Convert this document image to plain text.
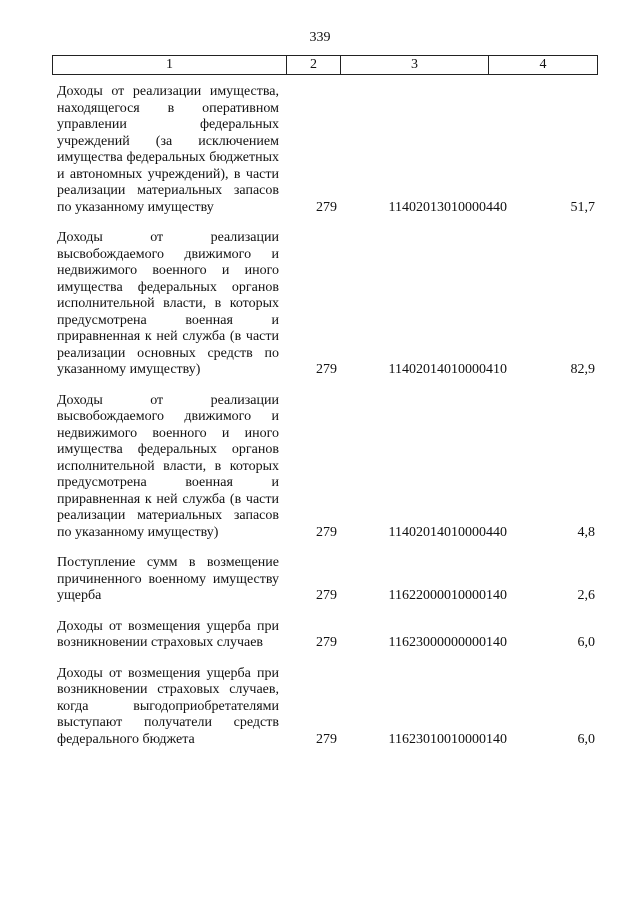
339
1	2	3	4
Доходы от реализации имущества, находящегося в оперативном управлении федеральных учреждений (за исключением имущества федеральных бюджетных и автономных учреждений), в части реализации материальных запасов по указанному имуществу	279	11402013010000440	51,7
Доходы от реализации высвобождаемого движимого и недвижимого военного и иного имущества федеральных органов исполнительной власти, в которых предусмотрена военная и приравненная к ней служба (в части реализации основных средств по указанному имуществу)	279	11402014010000410	82,9
Доходы от реализации высвобождаемого движимого и недвижимого военного и иного имущества федеральных органов исполнительной власти, в которых предусмотрена военная и приравненная к ней служба (в части реализации материальных запасов по указанному имуществу)	279	11402014010000440	4,8
Поступление сумм в возмещение причиненного военному имуществу ущерба	279	11622000010000140	2,6
Доходы от возмещения ущерба при возникновении страховых случаев	279	11623000000000140	6,0
Доходы от возмещения ущерба при возникновении страховых случаев, когда выгодоприобретателями выступают получатели средств федерального бюджета	279	11623010010000140	6,0
